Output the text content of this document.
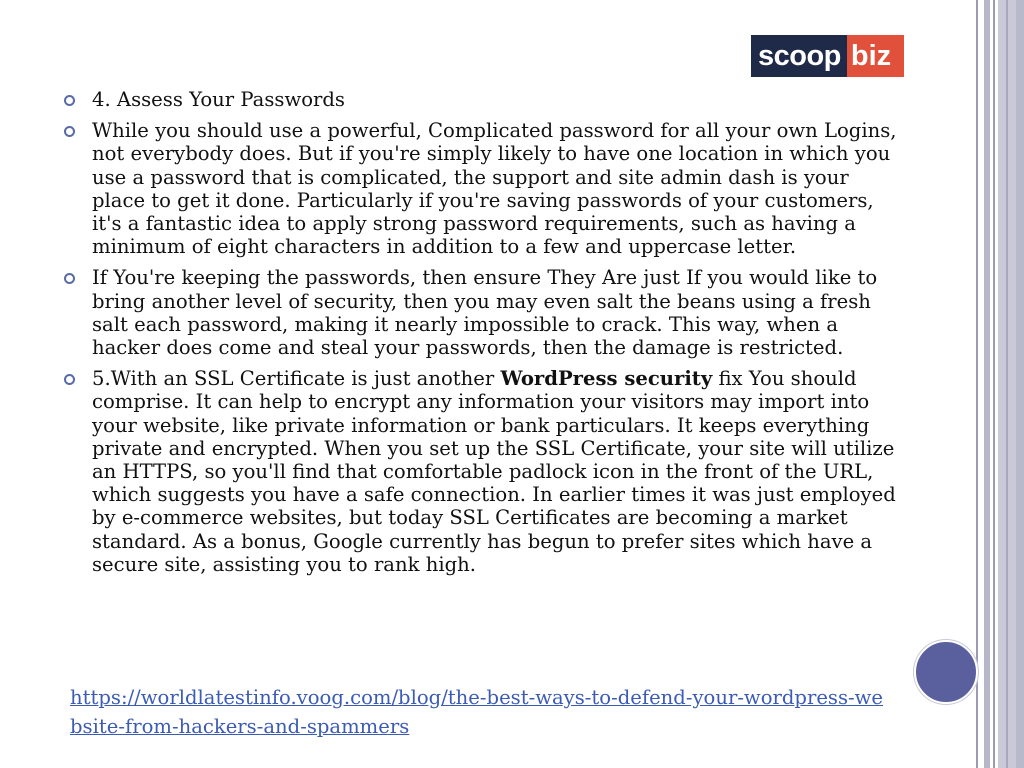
scoop biz
4. Assess Your Passwords
While you should use a powerful, Complicated password for all your own Logins, not everybody does. But if you're simply likely to have one location in which you use a password that is complicated, the support and site admin dash is your place to get it done. Particularly if you're saving passwords of your customers, it's a fantastic idea to apply strong password requirements, such as having a minimum of eight characters in addition to a few and uppercase letter.
If You're keeping the passwords, then ensure They Are just If you would like to bring another level of security, then you may even salt the beans using a fresh salt each password, making it nearly impossible to crack. This way, when a hacker does come and steal your passwords, then the damage is restricted.
5.With an SSL Certificate is just another WordPress security fix You should comprise. It can help to encrypt any information your visitors may import into your website, like private information or bank particulars. It keeps everything private and encrypted. When you set up the SSL Certificate, your site will utilize an HTTPS, so you'll find that comfortable padlock icon in the front of the URL, which suggests you have a safe connection. In earlier times it was just employed by e-commerce websites, but today SSL Certificates are becoming a market standard. As a bonus, Google currently has begun to prefer sites which have a secure site, assisting you to rank high.
https://worldlatestinfo.voog.com/blog/the-best-ways-to-defend-your-wordpress-website-from-hackers-and-spammers
